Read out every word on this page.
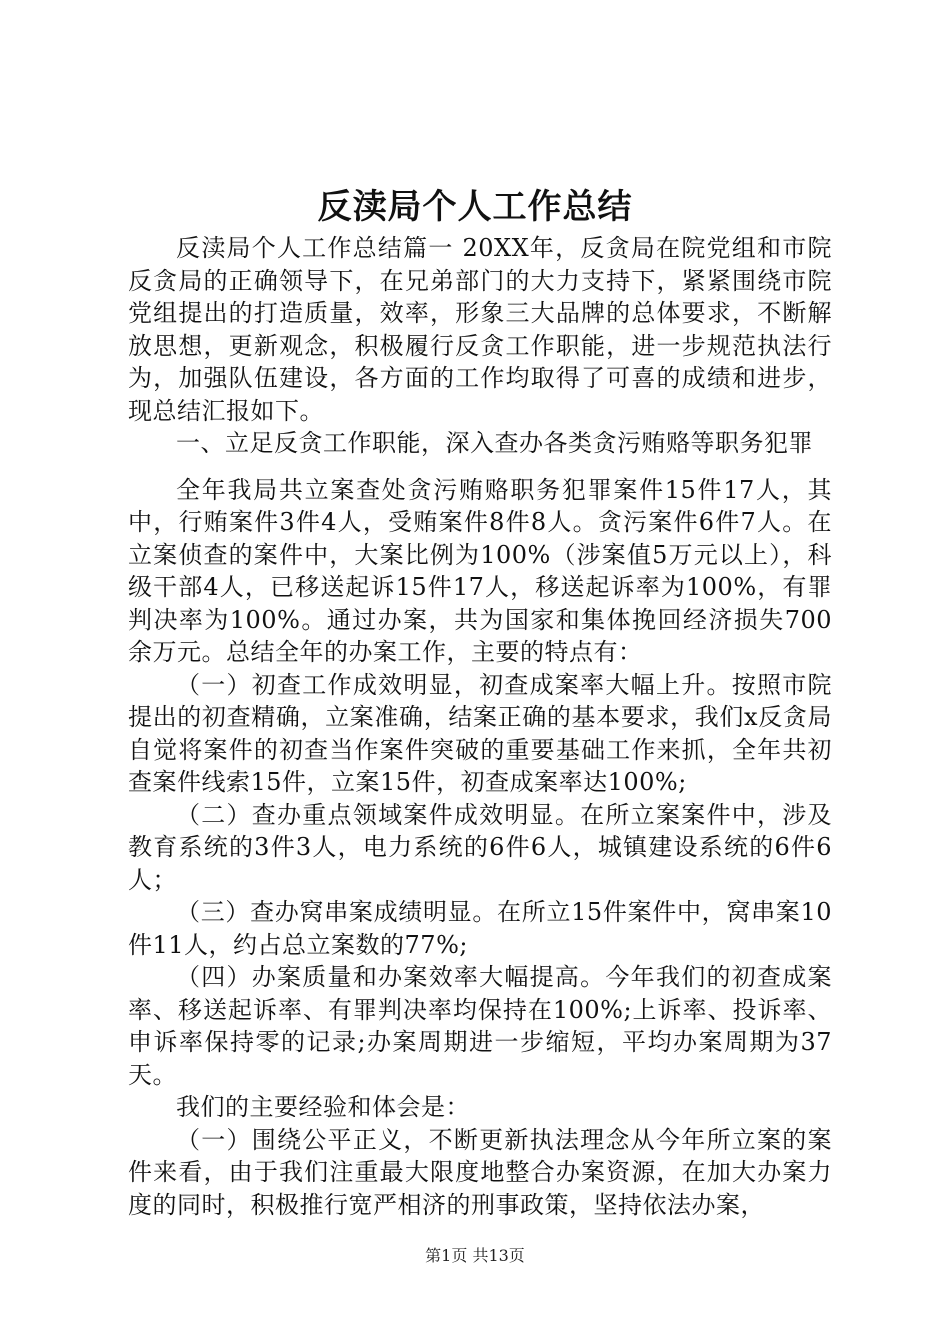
反渎局个人工作总结

反渎局个人工作总结篇一 20XX年，反贪局在院党组和市院反贪局的正确领导下，在兄弟部门的大力支持下，紧紧围绕市院党组提出的打造质量，效率，形象三大品牌的总体要求，不断解放思想，更新观念，积极履行反贪工作职能，进一步规范执法行为，加强队伍建设，各方面的工作均取得了可喜的成绩和进步，现总结汇报如下。

一、立足反贪工作职能，深入查办各类贪污贿赂等职务犯罪

全年我局共立案查处贪污贿赂职务犯罪案件15件17人，其中，行贿案件3件4人，受贿案件8件8人。贪污案件6件7人。在立案侦查的案件中，大案比例为100%（涉案值5万元以上），科级干部4人，已移送起诉15件17人，移送起诉率为100%，有罪判决率为100%。通过办案，共为国家和集体挽回经济损失700余万元。总结全年的办案工作，主要的特点有：

（一）初查工作成效明显，初查成案率大幅上升。按照市院提出的初查精确，立案准确，结案正确的基本要求，我们x反贪局自觉将案件的初查当作案件突破的重要基础工作来抓，全年共初查案件线索15件，立案15件，初查成案率达100%;

（二）查办重点领域案件成效明显。在所立案案件中，涉及教育系统的3件3人，电力系统的6件6人，城镇建设系统的6件6人；

（三）查办窝串案成绩明显。在所立15件案件中，窝串案10件11人，约占总立案数的77%;

（四）办案质量和办案效率大幅提高。今年我们的初查成案率、移送起诉率、有罪判决率均保持在100%;上诉率、投诉率、申诉率保持零的记录;办案周期进一步缩短，平均办案周期为37天。

我们的主要经验和体会是：

（一）围绕公平正义，不断更新执法理念从今年所立案的案件来看，由于我们注重最大限度地整合办案资源，在加大办案力度的同时，积极推行宽严相济的刑事政策，坚持依法办案，

第1页 共13页
